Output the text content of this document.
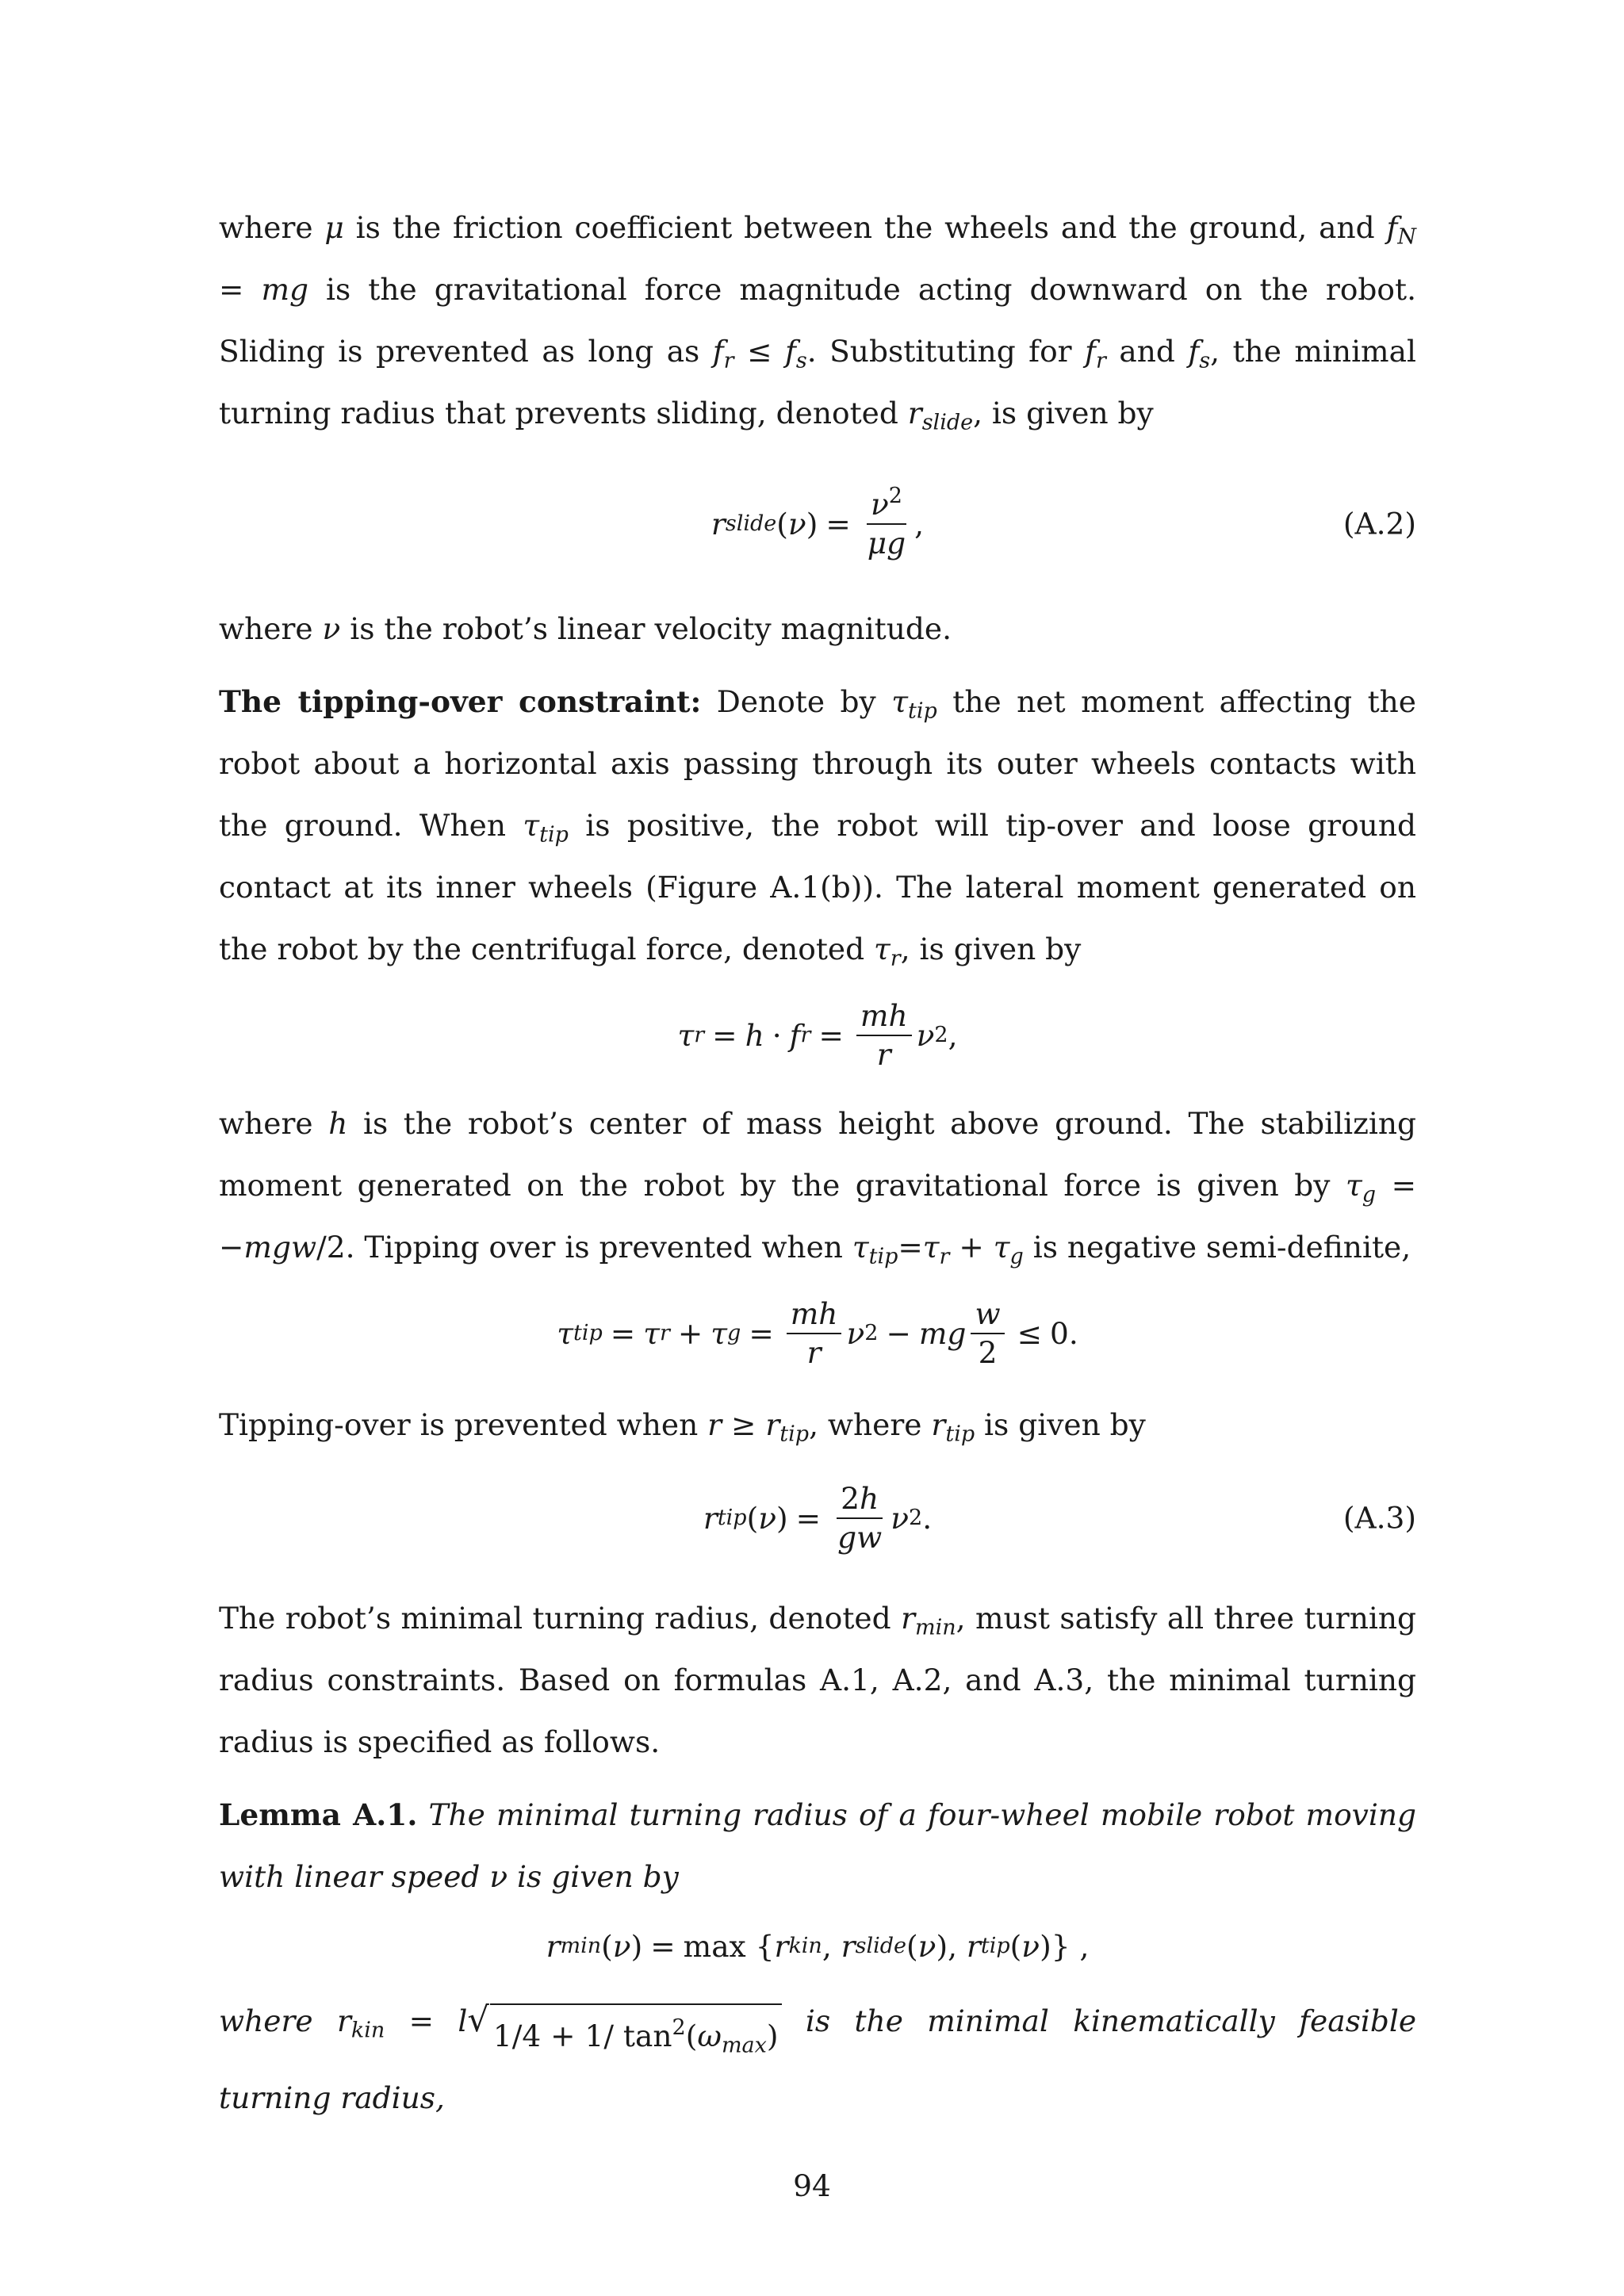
where μ is the friction coefficient between the wheels and the ground, and $f_N$ = mg is the gravitational force magnitude acting downward on the robot. Sliding is prevented as long as $f_r \le f_s$. Substituting for $f_r$ and $f_s$, the minimal turning radius that prevents sliding, denoted $r_{slide}$, is given by

r slide ( ν ) = $\frac{\nu^2}{\mu g}$ ,	(A.2)

where ν is the robot’s linear velocity magnitude.

The tipping-over constraint: Denote by $\tau_{tip}$ the net moment affecting the robot about a horizontal axis passing through its outer wheels contacts with the ground. When $\tau_{tip}$ is positive, the robot will tip-over and loose ground contact at its inner wheels (Figure A.1(b)). The lateral moment generated on the robot by the centrifugal force, denoted $\tau_r$, is given by

τ r = h · f $r = \frac{mh}{r}$ ν 2 ,

where h is the robot’s center of mass height above ground. The stabilizing moment generated on the robot by the gravitational force is given by $\tau_g = -mgw/2$. Tipping over is prevented when $\tau_{tip}=\tau_r + \tau_g$ is negative semi-definite,

τ tip = τ r + τ $g = \frac{mh}{r}$ ν 2 − mg $\frac{w}{2} \le 0$.

Tipping-over is prevented when $r \ge r_{tip}$, where $r_{tip}$ is given by

r tip ( ν ) = $\frac{2h}{gw}$ ν 2 .	(A.3)

The robot’s minimal turning radius, denoted $r_{min}$, must satisfy all three turning radius constraints. Based on formulas A.1, A.2, and A.3, the minimal turning radius is specified as follows.

Lemma A.1. The minimal turning radius of a four-wheel mobile robot moving with linear speed ν is given by

r min ( ν ) = max
{ r kin , r slide ( ν ), r tip ( ν )}
,

where $r_{kin} = l$ √ 1/4 + 1/ $\tan^2(\omega_{max})$ is the minimal kinematically feasible turning radius,

94
